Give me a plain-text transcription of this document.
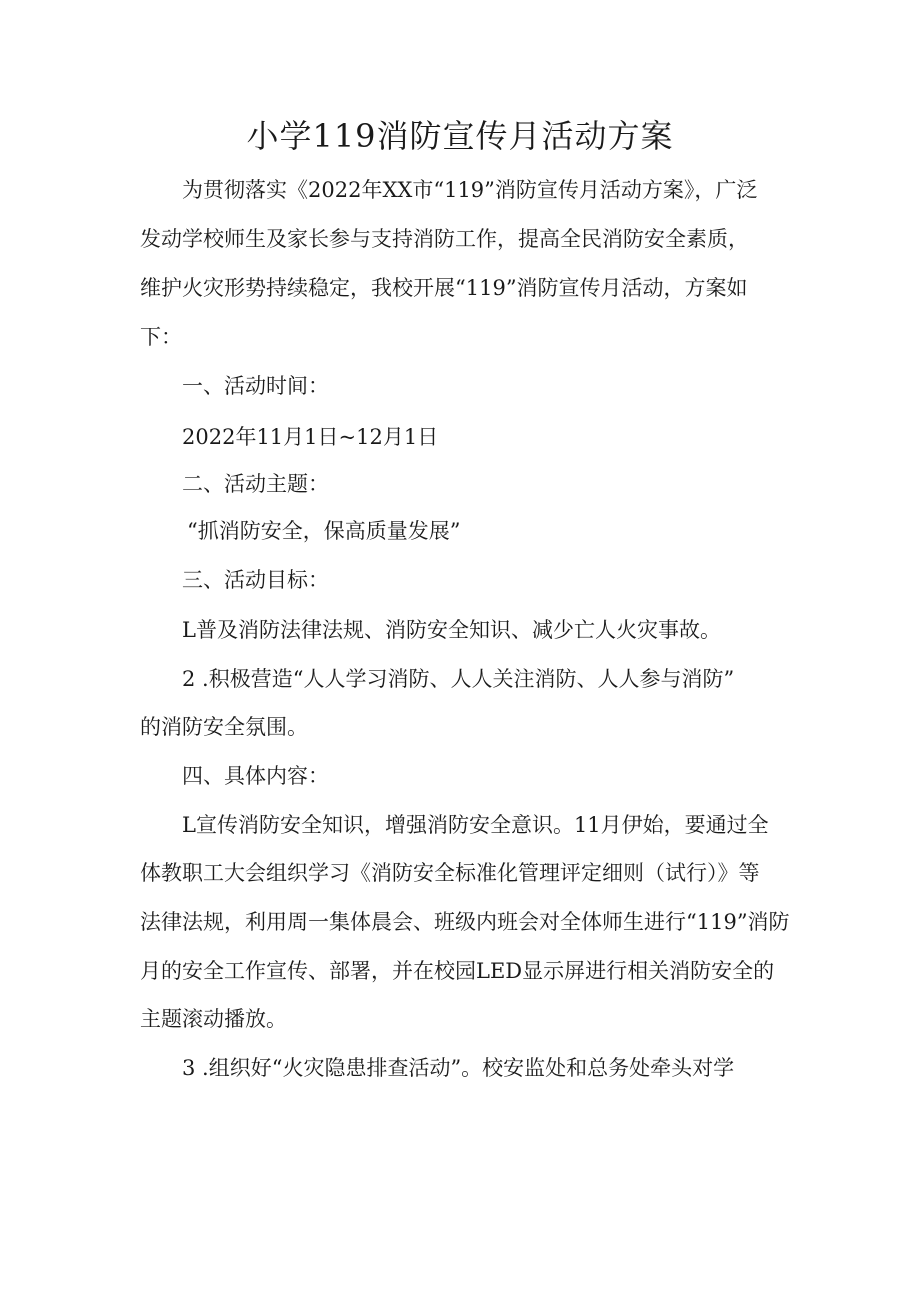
小学119消防宣传月活动方案

为贯彻落实《2022年XX市“119”消防宣传月活动方案》，广泛

发动学校师生及家长参与支持消防工作，提高全民消防安全素质，

维护火灾形势持续稳定，我校开展“119”消防宣传月活动，方案如

下：

一、活动时间：

2022年11月1日~12月1日

二、活动主题：

“抓消防安全，保高质量发展”

三、活动目标：

L普及消防法律法规、消防安全知识、减少亡人火灾事故。

2 .积极营造“人人学习消防、人人关注消防、人人参与消防”

的消防安全氛围。

四、具体内容：

L宣传消防安全知识，增强消防安全意识。11月伊始，要通过全

体教职工大会组织学习《消防安全标准化管理评定细则（试行）》等

法律法规，利用周一集体晨会、班级内班会对全体师生进行“119”消防

月的安全工作宣传、部署，并在校园LED显示屏进行相关消防安全的

主题滚动播放。

3 .组织好“火灾隐患排查活动”。校安监处和总务处牵头对学
